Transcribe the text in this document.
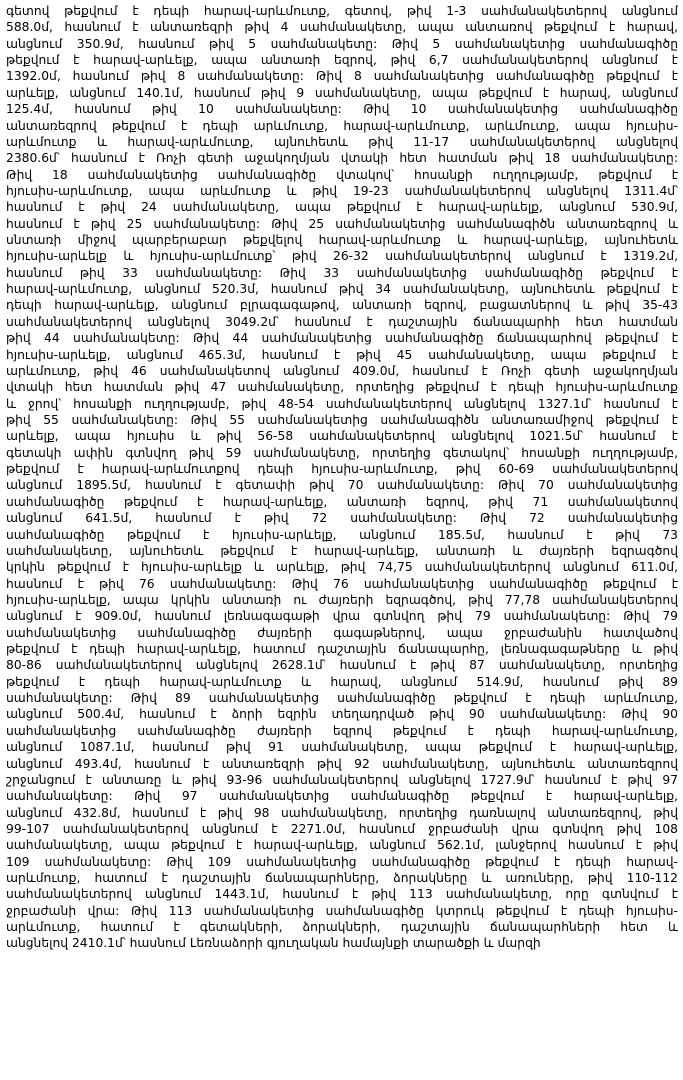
գետով թեքվում է դեպի հարավ-արևմուտք, գետով, թիվ 1-3 սահմանակետերով անցնում
588.0մ, հասնում է անտառեզրի թիվ 4 սահմանակետը, ապա անտառով թեքվում է հարավ,
անցնում 350.9մ, հասնում թիվ 5 սահմանակետը: Թիվ 5 սահմանակետից սահմանագիծը
թեքվում է հարավ-արևելք, ապա անտառի եզրով, թիվ 6,7 սահմանակետերով անցնում է
1392.0մ, հասնում թիվ 8 սահմանակետը: Թիվ 8 սահմանակետից սահմանագիծը թեքվում է
արևելք, անցնում 140.1մ, հասնում թիվ 9 սահմանակետը, ապա թեքվում է հարավ, անցնում
125.4մ, հասնում թիվ 10 սահմանակետը: Թիվ 10 սահմանակետից սահմանագիծը
անտառեզրով թեքվում է դեպի արևմուտք, հարավ-արևմուտք, արևմուտք, ապա հյուսիս-
արևմուտք և հարավ-արևմուտք, այնուհետև թիվ 11-17 սահմանակետերով անցնելով
2380.6մ՝ հասնում է Ռոչի գետի աջակողմյան վտակի հետ հատման թիվ 18 սահմանակետը:
Թիվ 18 սահմանակետից սահմանագիծը վտակով՝ հոսանքի ուղղությամբ, թեքվում է
հյուսիս-արևմուտք, ապա արևմուտք և թիվ 19-23 սահմանակետերով անցնելով 1311.4մ՝
հասնում է թիվ 24 սահմանակետը, ապա թեքվում է հարավ-արևելք, անցնում 530.9մ,
հասնում է թիվ 25 սահմանակետը: Թիվ 25 սահմանակետից սահմանագիծն անտառեզրով և
սնտառի միջով պարբերաբար թեքվելով հարավ-արևմուտք և հարավ-արևելք, այնուհետև
հյուսիս-արևելք և հյուսիս-արևմուտք՝ թիվ 26-32 սահմանակետերով անցնում է 1319.2մ,
հասնում թիվ 33 սահմանակետը: Թիվ 33 սահմանակետից սահմանագիծը թեքվում է
հարավ-արևմուտք, անցնում 520.3մ, հասնում թիվ 34 սահմանակետը, այնուհետև թեքվում է
դեպի հարավ-արևելք, անցնում բլրագագաթով, անտառի եզրով, բացատներով և թիվ 35-43
սահմանակետերով անցնելով 3049.2մ՝ հասնում է դաշտային ճանապարհի հետ հատման
թիվ 44 սահմանակետը: Թիվ 44 սահմանակետից սահմանագիծը ճանապարհով թեքվում է
հյուսիս-արևելք, անցնում 465.3մ, հասնում է թիվ 45 սահմանակետը, ապա թեքվում է
արևմուտք, թիվ 46 սահմանակետով անցնում 409.0մ, հասնում է Ռոչի գետի աջակողմյան
վտակի հետ հատման թիվ 47 սահմանակետը, որտեղից թեքվում է դեպի հյուսիս-արևմուտք
և ջրով՝ հոսանքի ուղղությամբ, թիվ 48-54 սահմանակետերով անցնելով 1327.1մ՝ հասնում է
թիվ 55 սահմանակետը: Թիվ 55 սահմանակետից սահմանագիծն անտառամիջով թեքվում է
արևելք, ապա հյուսիս և թիվ 56-58 սահմանակետերով անցնելով 1021.5մ՝ հասնում է
գետակի ափին գտնվող թիվ 59 սահմանակետը, որտեղից գետակով՝ հոսանքի ուղղությամբ,
թեքվում է հարավ-արևմուտքով դեպի հյուսիս-արևմուտք, թիվ 60-69 սահմանակետերով
անցնում 1895.5մ, հասնում է գետափի թիվ 70 սահմանակետը: Թիվ 70 սահմանակետից
սահմանագիծը թեքվում է հարավ-արևելք, անտառի եզրով, թիվ 71 սահմանակետով
անցնում 641.5մ, հասնում է թիվ 72 սահմանակետը: Թիվ 72 սահմանակետից
սահմանագիծը թեքվում է հյուսիս-արևելք, անցնում 185.5մ, հասնում է թիվ 73
սահմանակետը, այնուհետև թեքվում է հարավ-արևելք, անտառի և ժայռերի եզրագծով
կրկին թեքվում է հյուսիս-արևելք և արևելք, թիվ 74,75 սահմանակետերով անցնում 611.0մ,
հասնում է թիվ 76 սահմանակետը: Թիվ 76 սահմանակետից սահմանագիծը թեքվում է
հյուսիս-արևելք, ապա կրկին անտառի ու ժայռերի եզրագծով, թիվ 77,78 սահմանակետերով
անցնում է 909.0մ, հասնում լեռնագագաթի վրա գտնվող թիվ 79 սահմանակետը: Թիվ 79
սահմանակետից սահմանագիծը ժայռերի գագաթներով, ապա ջրբաժանին հատվածով
թեքվում է դեպի հարավ-արևելք, հատում դաշտային ճանապարհը, լեռնագագաթները և թիվ
80-86 սահմանակետերով անցնելով 2628.1մ՝ հասնում է թիվ 87 սահմանակետը, որտեղից
թեքվում է դեպի հարավ-արևմուտք և հարավ, անցնում 514.9մ, հասնում թիվ 89
սահմանակետը: Թիվ 89 սահմանակետից սահմանագիծը թեքվում է դեպի արևմուտք,
անցնում 500.4մ, հասնում է ձորի եզրին տեղադրված թիվ 90 սահմանակետը: Թիվ 90
սահմանակետից սահմանագիծը ժայռերի եզրով թեքվում է դեպի հարավ-արևմուտք,
անցնում 1087.1մ, հասնում թիվ 91 սահմանակետը, ապա թեքվում է հարավ-արևելք,
անցնում 493.4մ, հասնում է անտառեզրի թիվ 92 սահմանակետը, այնուհետև անտառեզրով
շրջանցում է անտառը և թիվ 93-96 սահմանակետերով անցնելով 1727.9մ՝ հասնում է թիվ 97
սահմանակետը: Թիվ 97 սահմանակետից սահմանագիծը թեքվում է հարավ-արևելք,
անցնում 432.8մ, հասնում է թիվ 98 սահմանակետը, որտեղից դառնալով անտառեզրով, թիվ
99-107 սահմանակետերով անցնում է 2271.0մ, հասնում ջրբաժանի վրա գտնվող թիվ 108
սահմանակետը, ապա թեքվում է հարավ-արևելք, անցնում 562.1մ, լանջերով հասնում է թիվ
109 սահմանակետը: Թիվ 109 սահմանակետից սահմանագիծը թեքվում է դեպի հարավ-
արևմուտք, հատում է դաշտային ճանապարհները, ձորակները և առուները, թիվ 110-112
սահմանակետերով անցնում 1443.1մ, հասնում է թիվ 113 սահմանակետը, որը գտնվում է
ջրբաժանի վրա: Թիվ 113 սահմանակետից սահմանագիծը կտրուկ թեքվում է դեպի հյուսիս-
արևմուտք, հատում է գետակների, ձորակների, դաշտային ճանապարհների հետ և
անցնելով 2410.1մ՝ հասնում Լեռնաձորի գյուղական համայնքի տարածքի և մարզի
